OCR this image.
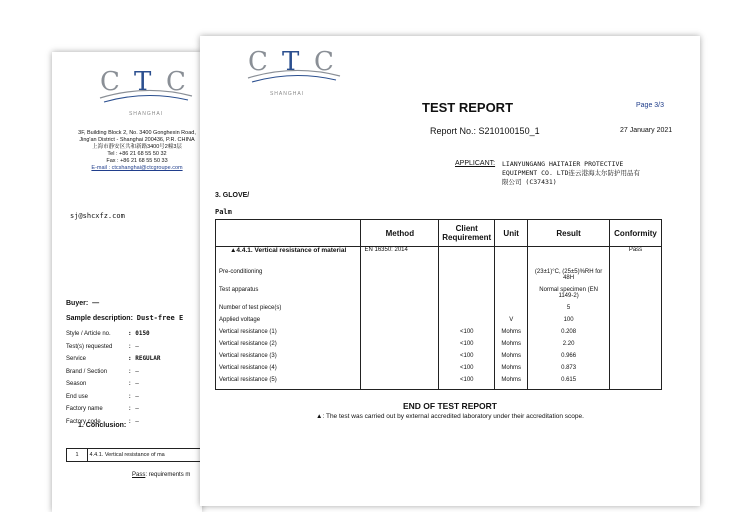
C T C
SHANGHAI
3F, Building Block 2, No. 3400 Gonghexin Road,
Jing'an District - Shanghai 200436, P.R. CHINA
上海市静安区共和新路3400号2幢3层
Tel : +86 21 68 55 50 32
Fax : +86 21 68 55 50 33
E-mail : ctcshanghai@ctcgroupe.com
sj@shcxfz.com
Buyer: —
Sample description: Dust-free E
Style / Article no.	: 0150
Test(s) requested	: —
Service	: REGULAR
Brand / Section	: —
Season	: —
End use	: —
Factory name	: —
Factory code	: —
1. Conclusion:
1 4.4.1. Vertical resistance of ma
Pass: requirements m
C T C
SHANGHAI
TEST REPORT	Page 3/3
Report No.: S210100150_1	27 January 2021
APPLICANT: LIANYUNGANG HAITAIER PROTECTIVE
EQUIPMENT CO. LTD连云港海太尔防护用品有
限公司 (C37431)
3. GLOVE/
Palm
	Method	Client Requirement	Unit	Result	Conformity
▲4.4.1. Vertical resistance of material	EN 16350: 2014				Pass
Pre-conditioning				(23±1)°C, (25±5)%RH for 48H	
Test apparatus				Normal specimen (EN 1149-2)	
Number of test piece(s)				5	
Applied voltage			V	100	
Vertical resistance (1)		<100	Mohms	0.208	
Vertical resistance (2)		<100	Mohms	2.20	
Vertical resistance (3)		<100	Mohms	0.966	
Vertical resistance (4)		<100	Mohms	0.873	
Vertical resistance (5)		<100	Mohms	0.615	
END OF TEST REPORT
▲: The test was carried out by external accredited laboratory under their accreditation scope.
